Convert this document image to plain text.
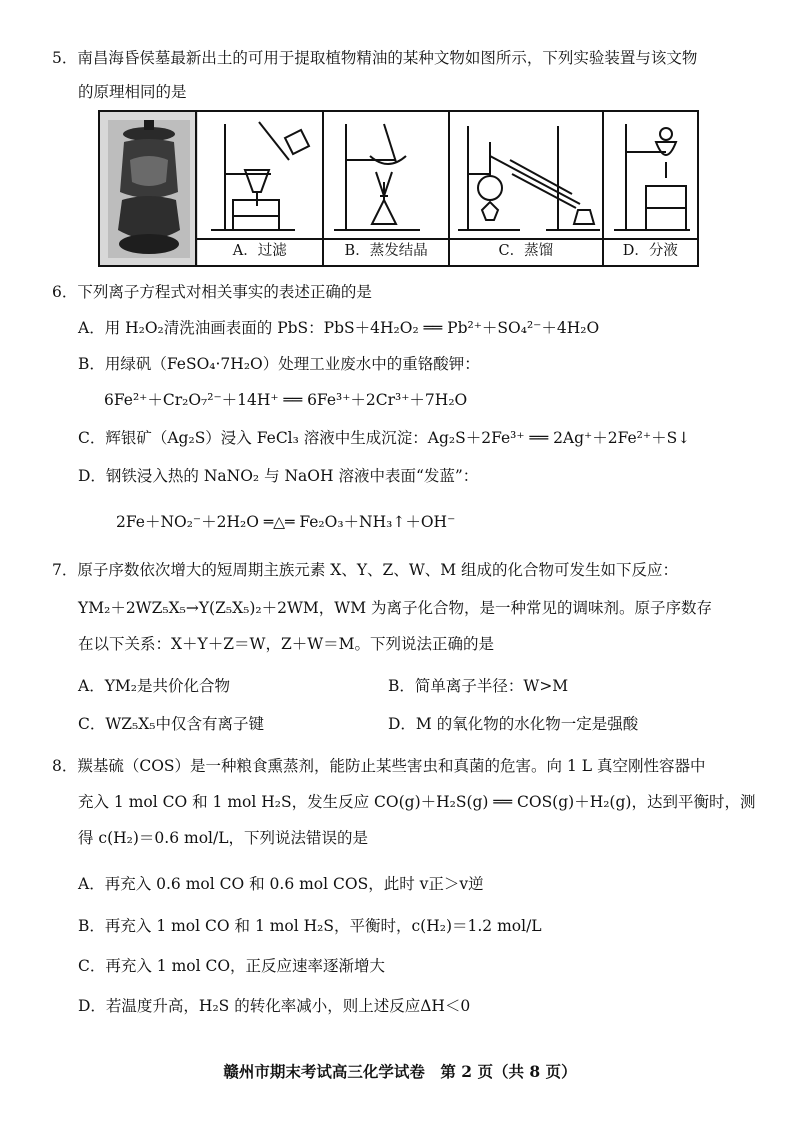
5．南昌海昏侯墓最新出土的可用于提取植物精油的某种文物如图所示，下列实验装置与该文物
的原理相同的是
A．过滤	B．蒸发结晶	C．蒸馏	D．分液
6．下列离子方程式对相关事实的表述正确的是
A．用 H₂O₂清洗油画表面的 PbS：PbS＋4H₂O₂ ══ Pb²⁺＋SO₄²⁻＋4H₂O
B．用绿矾（FeSO₄·7H₂O）处理工业废水中的重铬酸钾：
6Fe²⁺＋Cr₂O₇²⁻＋14H⁺ ══ 6Fe³⁺＋2Cr³⁺＋7H₂O
C．辉银矿（Ag₂S）浸入 FeCl₃ 溶液中生成沉淀：Ag₂S＋2Fe³⁺ ══ 2Ag⁺＋2Fe²⁺＋S↓
D．钢铁浸入热的 NaNO₂ 与 NaOH 溶液中表面“发蓝”：
2Fe＋NO₂⁻＋2H₂O ═△═ Fe₂O₃＋NH₃↑＋OH⁻
7．原子序数依次增大的短周期主族元素 X、Y、Z、W、M 组成的化合物可发生如下反应：
YM₂＋2WZ₅X₅→Y(Z₅X₅)₂＋2WM，WM 为离子化合物，是一种常见的调味剂。原子序数存
在以下关系：X＋Y＋Z＝W，Z＋W＝M。下列说法正确的是
A．YM₂是共价化合物	B．简单离子半径：W>M
C．WZ₅X₅中仅含有离子键	D．M 的氧化物的水化物一定是强酸
8．羰基硫（COS）是一种粮食熏蒸剂，能防止某些害虫和真菌的危害。向 1 L 真空刚性容器中
充入 1 mol CO 和 1 mol H₂S，发生反应 CO(g)＋H₂S(g) ══ COS(g)＋H₂(g)，达到平衡时，测
得 c(H₂)＝0.6 mol/L，下列说法错误的是
A．再充入 0.6 mol CO 和 0.6 mol COS，此时 v正＞v逆
B．再充入 1 mol CO 和 1 mol H₂S，平衡时，c(H₂)＝1.2 mol/L
C．再充入 1 mol CO，正反应速率逐渐增大
D．若温度升高，H₂S 的转化率减小，则上述反应ΔH＜0
赣州市期末考试高三化学试卷　第 2 页（共 8 页）
